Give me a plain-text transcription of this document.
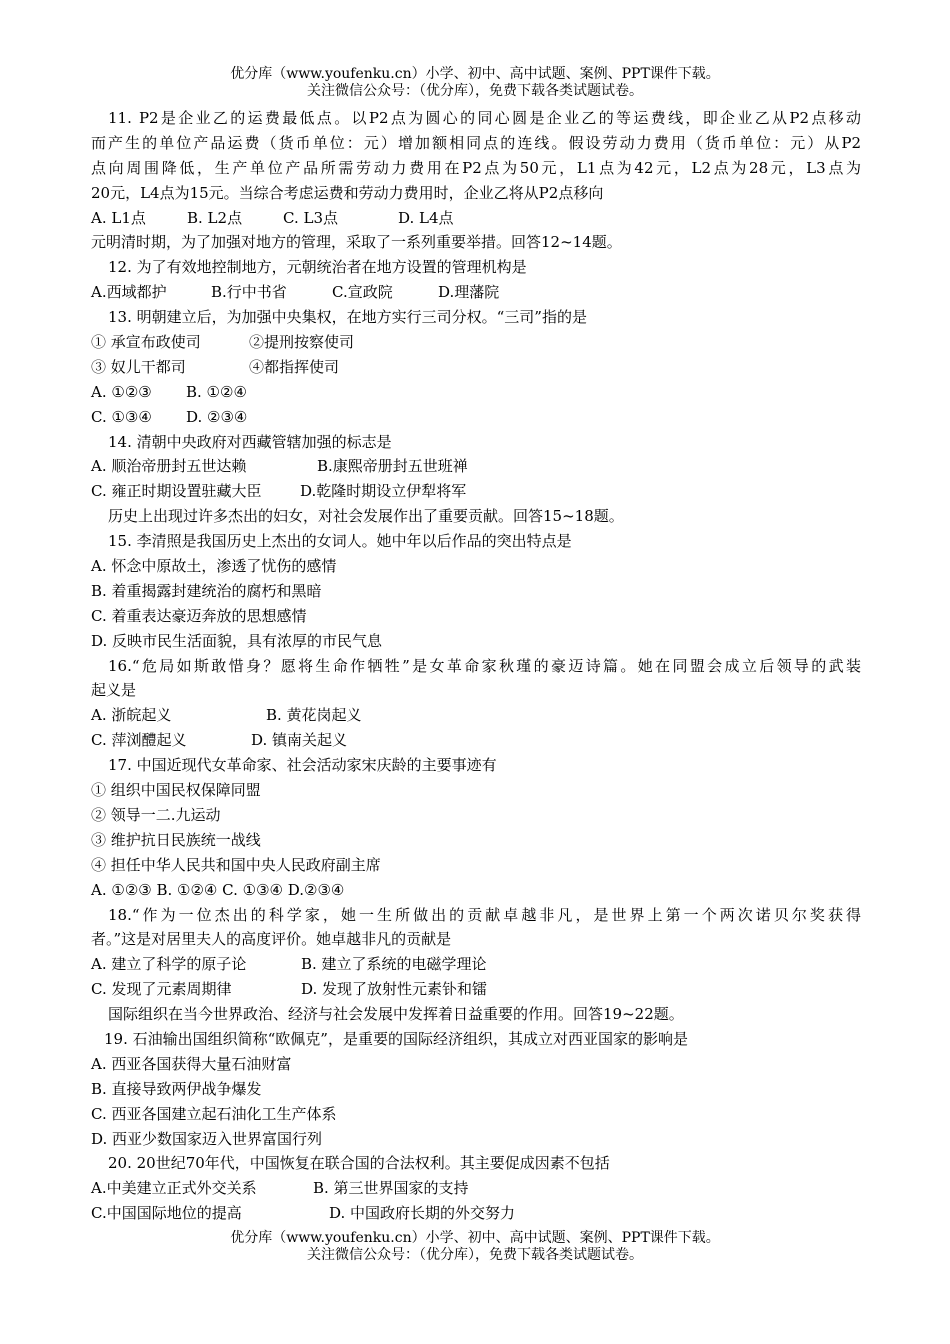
优分库（www.youfenku.cn）小学、初中、高中试题、案例、PPT课件下载。
关注微信公众号：（优分库），免费下载各类试题试卷。
11. P2是企业乙的运费最低点。以P2点为圆心的同心圆是企业乙的等运费线，即企业乙从P2点移动
而产生的单位产品运费（货币单位：元）增加额相同点的连线。假设劳动力费用（货币单位：元）从P2
点向周围降低，生产单位产品所需劳动力费用在P2点为50元，L1点为42元，L2点为28元，L3点为
20元，L4点为15元。当综合考虑运费和劳动力费用时，企业乙将从P2点移向
A. L1点	B. L2点	C. L3点	D. L4点
元明清时期，为了加强对地方的管理，采取了一系列重要举措。回答12~14题。
12. 为了有效地控制地方，元朝统治者在地方设置的管理机构是
A.西域都护	B.行中书省	C.宣政院	D.理藩院
13. 明朝建立后，为加强中央集权，在地方实行三司分权。“三司”指的是
① 承宣布政使司	②提刑按察使司
③ 奴儿干都司	④都指挥使司
A. ①②③	B. ①②④
C. ①③④	D. ②③④
14. 清朝中央政府对西藏管辖加强的标志是
A. 顺治帝册封五世达赖	B.康熙帝册封五世班禅
C. 雍正时期设置驻藏大臣	D.乾隆时期设立伊犁将军
历史上出现过许多杰出的妇女，对社会发展作出了重要贡献。回答15~18题。
15. 李清照是我国历史上杰出的女词人。她中年以后作品的突出特点是
A. 怀念中原故土，渗透了忧伤的感情
B. 着重揭露封建统治的腐朽和黑暗
C. 着重表达豪迈奔放的思想感情
D. 反映市民生活面貌，具有浓厚的市民气息
16.“危局如斯敢惜身？愿将生命作牺牲”是女革命家秋瑾的豪迈诗篇。她在同盟会成立后领导的武装
起义是
A. 浙皖起义	B. 黄花岗起义
C. 萍浏醴起义	D. 镇南关起义
17. 中国近现代女革命家、社会活动家宋庆龄的主要事迹有
① 组织中国民权保障同盟
② 领导一二.九运动
③ 维护抗日民族统一战线
④ 担任中华人民共和国中央人民政府副主席
A. ①②③ B. ①②④ C. ①③④ D.②③④
18.“作为一位杰出的科学家，她一生所做出的贡献卓越非凡，是世界上第一个两次诺贝尔奖获得
者。”这是对居里夫人的高度评价。她卓越非凡的贡献是
A. 建立了科学的原子论	B. 建立了系统的电磁学理论
C. 发现了元素周期律	D. 发现了放射性元素钋和镭
国际组织在当今世界政治、经济与社会发展中发挥着日益重要的作用。回答19~22题。
19. 石油输出国组织简称“欧佩克”，是重要的国际经济组织，其成立对西亚国家的影响是
A. 西亚各国获得大量石油财富
B. 直接导致两伊战争爆发
C. 西亚各国建立起石油化工生产体系
D. 西亚少数国家迈入世界富国行列
20. 20世纪70年代，中国恢复在联合国的合法权利。其主要促成因素不包括
A.中美建立正式外交关系	B. 第三世界国家的支持
C.中国国际地位的提高	D. 中国政府长期的外交努力
优分库（www.youfenku.cn）小学、初中、高中试题、案例、PPT课件下载。
关注微信公众号：（优分库），免费下载各类试题试卷。
